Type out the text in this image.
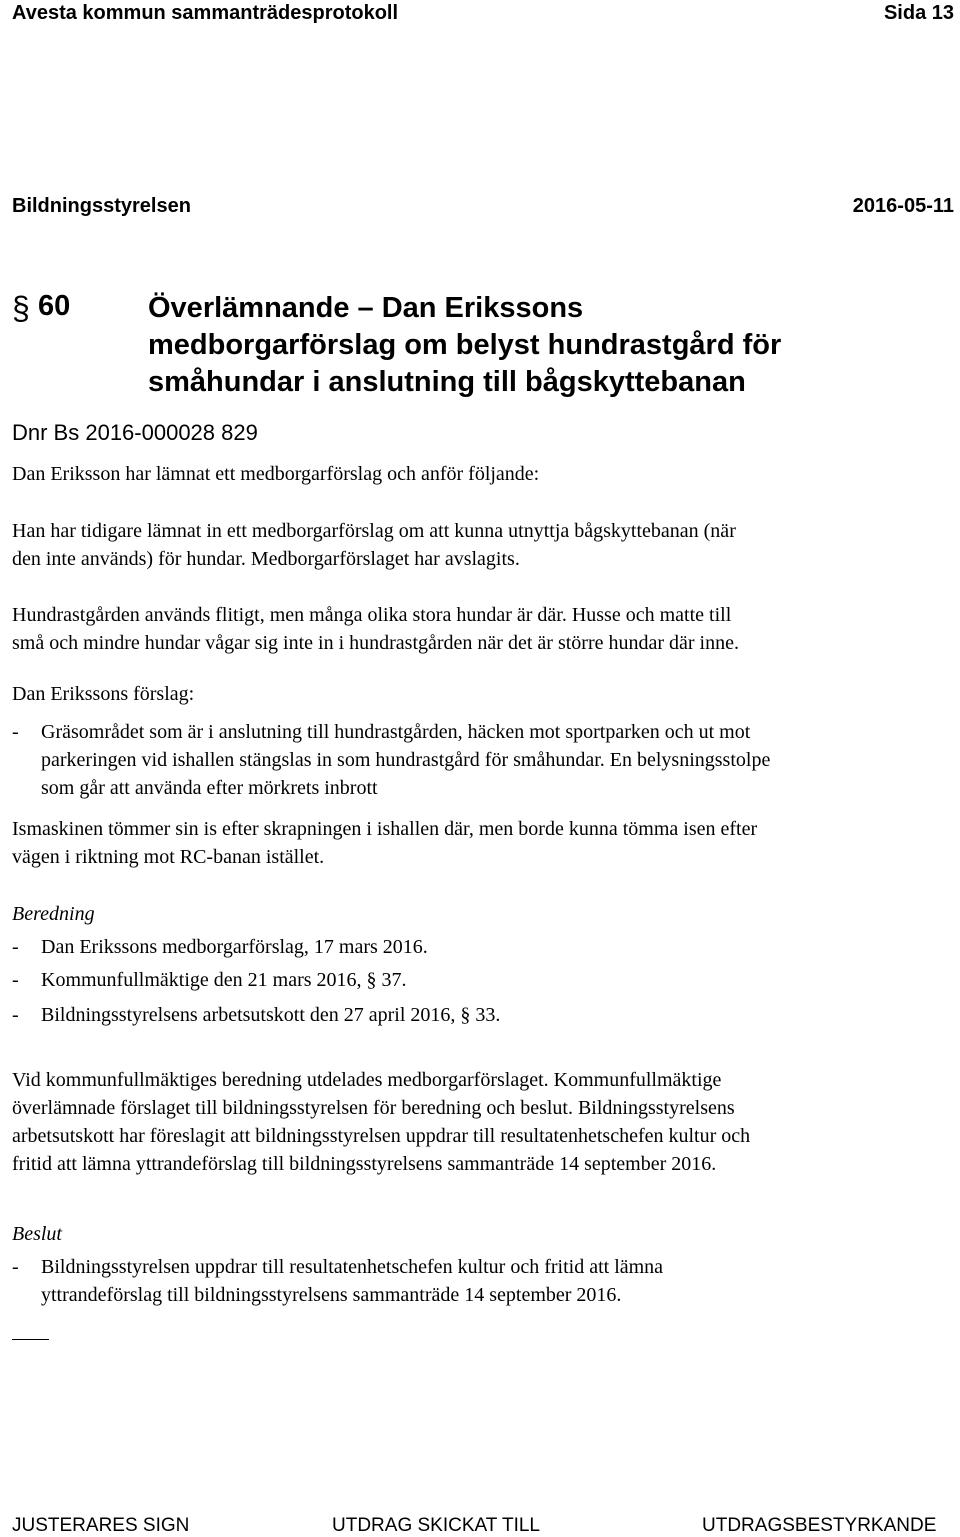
Avesta kommun sammanträdesprotokoll	Sida 13
Bildningsstyrelsen	2016-05-11
§ 60	Överlämnande – Dan Erikssons
medborgarförslag om belyst hundrastgård för
småhundar i anslutning till bågskyttebanan
Dnr Bs 2016-000028 829
Dan Eriksson har lämnat ett medborgarförslag och anför följande:
Han har tidigare lämnat in ett medborgarförslag om att kunna utnyttja bågskyttebanan (när
den inte används) för hundar. Medborgarförslaget har avslagits.
Hundrastgården används flitigt, men många olika stora hundar är där. Husse och matte till
små och mindre hundar vågar sig inte in i hundrastgården när det är större hundar där inne.
Dan Erikssons förslag:
- Gräsområdet som är i anslutning till hundrastgården, häcken mot sportparken och ut mot
parkeringen vid ishallen stängslas in som hundrastgård för småhundar. En belysningsstolpe
som går att använda efter mörkrets inbrott
Ismaskinen tömmer sin is efter skrapningen i ishallen där, men borde kunna tömma isen efter
vägen i riktning mot RC-banan istället.
Beredning
- Dan Erikssons medborgarförslag, 17 mars 2016.
- Kommunfullmäktige den 21 mars 2016, § 37.
- Bildningsstyrelsens arbetsutskott den 27 april 2016, § 33.
Vid kommunfullmäktiges beredning utdelades medborgarförslaget. Kommunfullmäktige
överlämnade förslaget till bildningsstyrelsen för beredning och beslut. Bildningsstyrelsens
arbetsutskott har föreslagit att bildningsstyrelsen uppdrar till resultatenhetschefen kultur och
fritid att lämna yttrandeförslag till bildningsstyrelsens sammanträde 14 september 2016.
Beslut
- Bildningsstyrelsen uppdrar till resultatenhetschefen kultur och fritid att lämna
yttrandeförslag till bildningsstyrelsens sammanträde 14 september 2016.
JUSTERARES SIGN	UTDRAG SKICKAT TILL	UTDRAGSBESTYRKANDE
